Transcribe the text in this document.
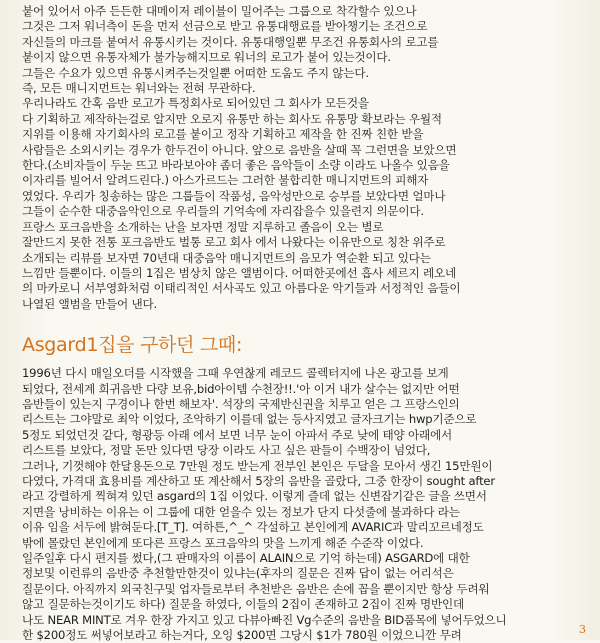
붙어 있어서 아주 든든한 대메이저 레이블이 밀어주는 그룹으로 착각할수 있으나
그것은 그저 워너측이 돈을 먼저 선금으로 받고 유통대행료를 받아챙기는 조건으로
자신들의 마크를 붙여서 유통시키는 것이다. 유통대행일뿐 무조건 유통회사의 로고를
붙이지 않으면 유통자체가 불가능해지므로 워너의 로고가 붙어 있는것이다.
그들은 수요가 있으면 유통시켜주는것일뿐 어떠한 도움도 주지 않는다.
즉, 모든 매니지먼트는 워너와는 전혀 무관하다.
우리나라도 간혹 음반 로고가 특정회사로 되어있던 그 회사가 모든것을
다 기획하고 제작하는걸로 알지만 오로지 유통만 하는 회사도 유통망 확보라는 우월적
지위를 이용해 자기회사의 로고를 붙이고 정작 기획하고 제작을 한 진짜 친한 받을
사람들은 소외시키는 경우가 한두건이 아니다. 앞으로 음반을 살때 꼭 그런면을 보았으면
한다.(소비자들이 두눈 뜨고 바라보아야 좀더 좋은 음악들이 소량 이라도 나올수 있음을
이자리를 빌어서 알려드린다.) 아스가르드는 그러한 불합리한 매니지먼트의 피해자
였었다. 우리가 칭송하는 많은 그룹들이 작품성, 음악성만으로 승부를 보았다면 얼마나
그들이 순수한 대중음악인으로 우리들의 기억속에 자리잡을수 있을련지 의문이다.
프랑스 포크음반을 소개하는 난을 보자면 정말 지루하고 졸음이 오는 별로
잘만드지 못한 전통 포크음반도 벌통 로고 회사 에서 나왔다는 이유만으로 칭찬 위주로
소개되는 리뷰를 보자면 70년대 대중음악 매니지먼트의 음모가 역순환 되고 있다는
느낌만 들뿐이다. 이들의 1집은 범상치 않은 앨범이다. 어떠한곳에선 흡사 세르지 레오네
의 마카로니 서부영화처럼 이태리적인 서사곡도 있고 아름다운 악기들과 서정적인 음들이
나열된 앨범을 만들어 낸다.
Asgard1집을 구하던 그때:
1996년 다시 매일오더를 시작했을 그때 우연찮게 레코드 콜렉터지에 나온 광고를 보게
되었다, 전세계 희귀음반 다량 보유,bid아이템 수천장!!.'아 이거 내가 살수는 없지만 어떤
음반들이 있는지 구경이나 한번 해보자'. 석장의 국제반신권을 치루고 얻은 그 프랑스인의
리스트는 그야말로 최악 이었다, 조악하기 이를데 없는 등사지였고 글자크기는 hwp기준으로
5정도 되었던것 같다, 형광등 아래 에서 보면 너무 눈이 아파서 주로 낮에 태양 아래에서
리스트를 보았다, 정말 돈만 있다면 당장 이라도 사고 싶은 판들이 수백장이 넘었다,
그러나, 기껏해야 한달용돈으로 7만원 정도 받는게 전부인 본인은 두달을 모아서 생긴 15만원이
다였다, 가격대 효용비를 계산하고 또 계산해서 5장의 음반을 골랐다, 그중 한장이 sought after
라고 강렬하게 찍혀져 있던 asgard의 1집 이었다. 이렇게 즐데 없는 신변잡기같은 글을 쓰면서
지면을 낭비하는 이유는 이 그룹에 대한 얻을수 있는 정보가 단지 다섯줄에 불과하다 라는
이유 임을 서두에 밝혀둔다.[T_T]. 여하튼,^_^ 각설하고 본인에게 AVARIC과 말리꼬르네정도
밖에 몰랐던 본인에게 또다른 프랑스 포크음악의 맛을 느끼게 해준 수준작 이었다.
일주일후 다시 편지를 썼다,(그 판매자의 이름이 ALAIN으로 기억 하는데) ASGARD에 대한
정보및 이런류의 음반중 추천할만한것이 있냐는(후자의 질문은 진짜 답이 없는 어리석은
질문이다. 아직까지 외국친구및 업자들로부터 추천받은 음반은 손에 꼽을 뿐이지만 항상 두려워
않고 질문하는것이기도 하다) 질문을 하였다, 이들의 2집이 존재하고 2집이 진짜 명반인데
나도 NEAR MINT로 겨우 한장 가지고 있고 다뷰아빠진 Vg수준의 음반을 BID품목에 넣어두었으니
한 $200정도 써넣어보라고 하는거다, 오잉 $200면 그당시 $1가 780원 이었으니깐 무려	3
